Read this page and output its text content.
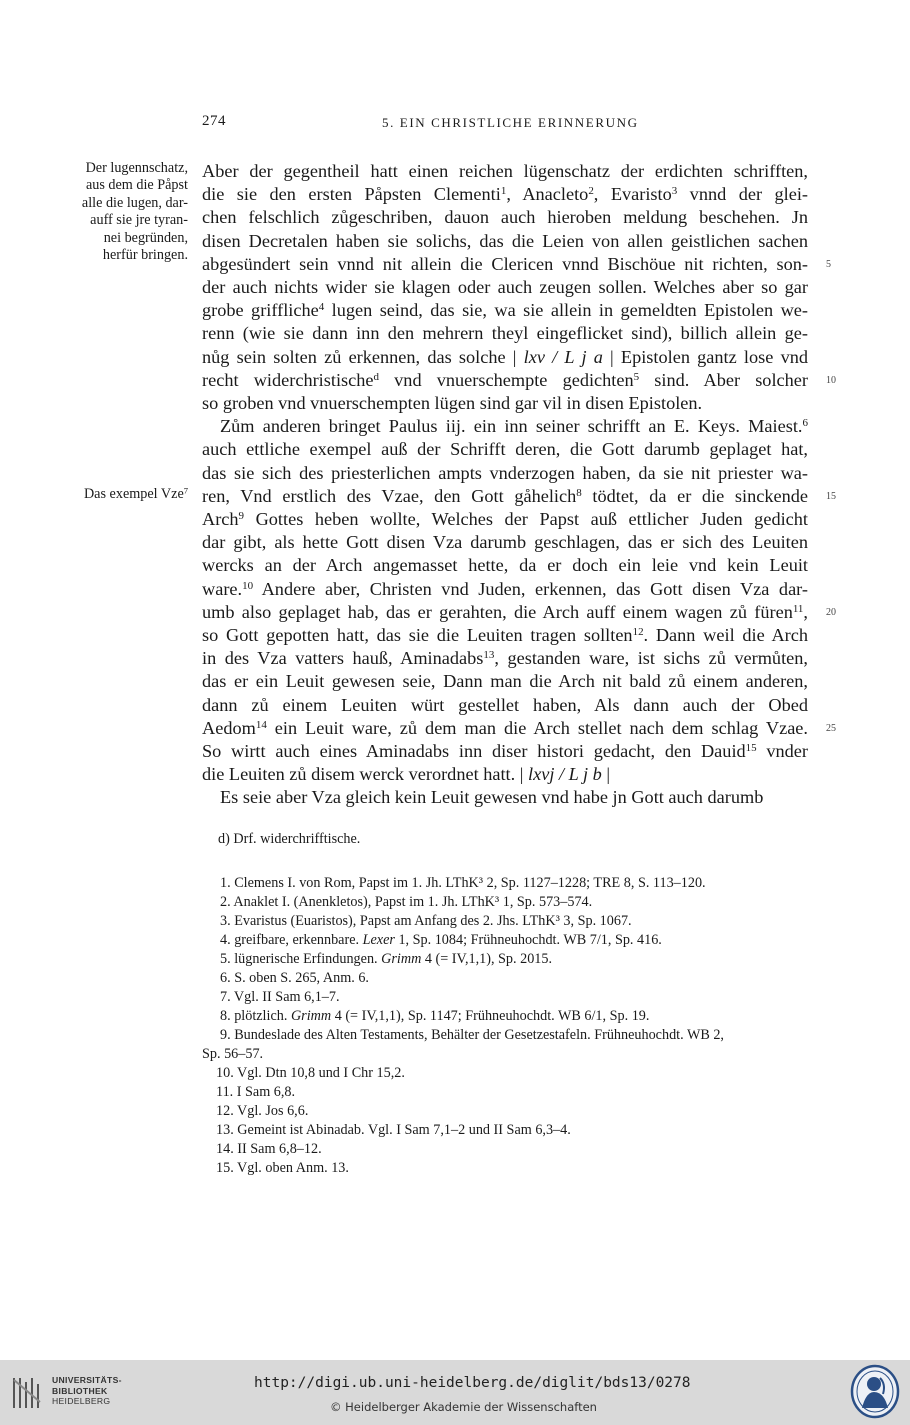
274	5. EIN CHRISTLICHE ERINNERUNG
Der lugennschatz,
aus dem die Påpst
alle die lugen, dar-
auff sie jre tyran-
nei begründen,
herfür bringen.
Das exempel Vze$^7$
Aber der gegentheil hatt einen reichen lügenschatz der erdichten schrifften,
die sie den ersten Påpsten Clementi$^1$, Anacleto$^2$, Evaristo$^3$ vnnd der glei-
chen felschlich zůgeschriben, dauon auch hieroben meldung beschehen. Jn
disen Decretalen haben sie solichs, das die Leien von allen geistlichen sachen
abgesündert sein vnnd nit allein die Clericen vnnd Bischöue nit richten, son-
der auch nichts wider sie klagen oder auch zeugen sollen. Welches aber so gar
grobe griffliche$^4$ lugen seind, das sie, wa sie allein in gemeldten Epistolen we-
renn (wie sie dann inn den mehrern theyl eingeflicket sind), billich allein ge-
nůg sein solten zů erkennen, das solche | lxv / L j a | Epistolen gantz lose vnd
recht widerchristische$^d$ vnd vnuerschempte gedichten$^5$ sind. Aber solcher
so groben vnd vnuerschempten lügen sind gar vil in disen Epistolen.
Zům anderen bringet Paulus iij. ein inn seiner schrifft an E. Keys. Maiest.$^6$
auch ettliche exempel auß der Schrifft deren, die Gott darumb geplaget hat,
das sie sich des priesterlichen ampts vnderzogen haben, da sie nit priester wa-
ren, Vnd erstlich des Vzae, den Gott gåhelich$^8$ tödtet, da er die sinckende
Arch$^9$ Gottes heben wollte, Welches der Papst auß ettlicher Juden gedicht
dar gibt, als hette Gott disen Vza darumb geschlagen, das er sich des Leuiten
wercks an der Arch angemasset hette, da er doch ein leie vnd kein Leuit
ware.$^{10}$ Andere aber, Christen vnd Juden, erkennen, das Gott disen Vza dar-
umb also geplaget hab, das er gerahten, die Arch auff einem wagen zů füren$^{11}$,
so Gott gepotten hatt, das sie die Leuiten tragen sollten$^{12}$. Dann weil die Arch
in des Vza vatters hauß, Aminadabs$^{13}$, gestanden ware, ist sichs zů vermůten,
das er ein Leuit gewesen seie, Dann man die Arch nit bald zů einem anderen,
dann zů einem Leuiten würt gestellet haben, Als dann auch der Obed
Aedom$^{14}$ ein Leuit ware, zů dem man die Arch stellet nach dem schlag Vzae.
So wirtt auch eines Aminadabs inn diser histori gedacht, den Dauid$^{15}$ vnder
die Leuiten zů disem werck verordnet hatt. | lxvj / L j b |
Es seie aber Vza gleich kein Leuit gewesen vnd habe jn Gott auch darumb
5
10
15
20
25
d) Drf. widerchrifftische.
1. Clemens I. von Rom, Papst im 1. Jh. LThK³ 2, Sp. 1127–1228; TRE 8, S. 113–120.
2. Anaklet I. (Anenkletos), Papst im 1. Jh. LThK³ 1, Sp. 573–574.
3. Evaristus (Euaristos), Papst am Anfang des 2. Jhs. LThK³ 3, Sp. 1067.
4. greifbare, erkennbare. Lexer 1, Sp. 1084; Frühneuhochdt. WB 7/1, Sp. 416.
5. lügnerische Erfindungen. Grimm 4 (= IV,1,1), Sp. 2015.
6. S. oben S. 265, Anm. 6.
7. Vgl. II Sam 6,1–7.
8. plötzlich. Grimm 4 (= IV,1,1), Sp. 1147; Frühneuhochdt. WB 6/1, Sp. 19.
9. Bundeslade des Alten Testaments, Behälter der Gesetzestafeln. Frühneuhochdt. WB 2,
Sp. 56–57.
10. Vgl. Dtn 10,8 und I Chr 15,2.
11. I Sam 6,8.
12. Vgl. Jos 6,6.
13. Gemeint ist Abinadab. Vgl. I Sam 7,1–2 und II Sam 6,3–4.
14. II Sam 6,8–12.
15. Vgl. oben Anm. 13.
UNIVERSITÄTS-
BIBLIOTHEK
HEIDELBERG
http://digi.ub.uni-heidelberg.de/diglit/bds13/0278
© Heidelberger Akademie der Wissenschaften
